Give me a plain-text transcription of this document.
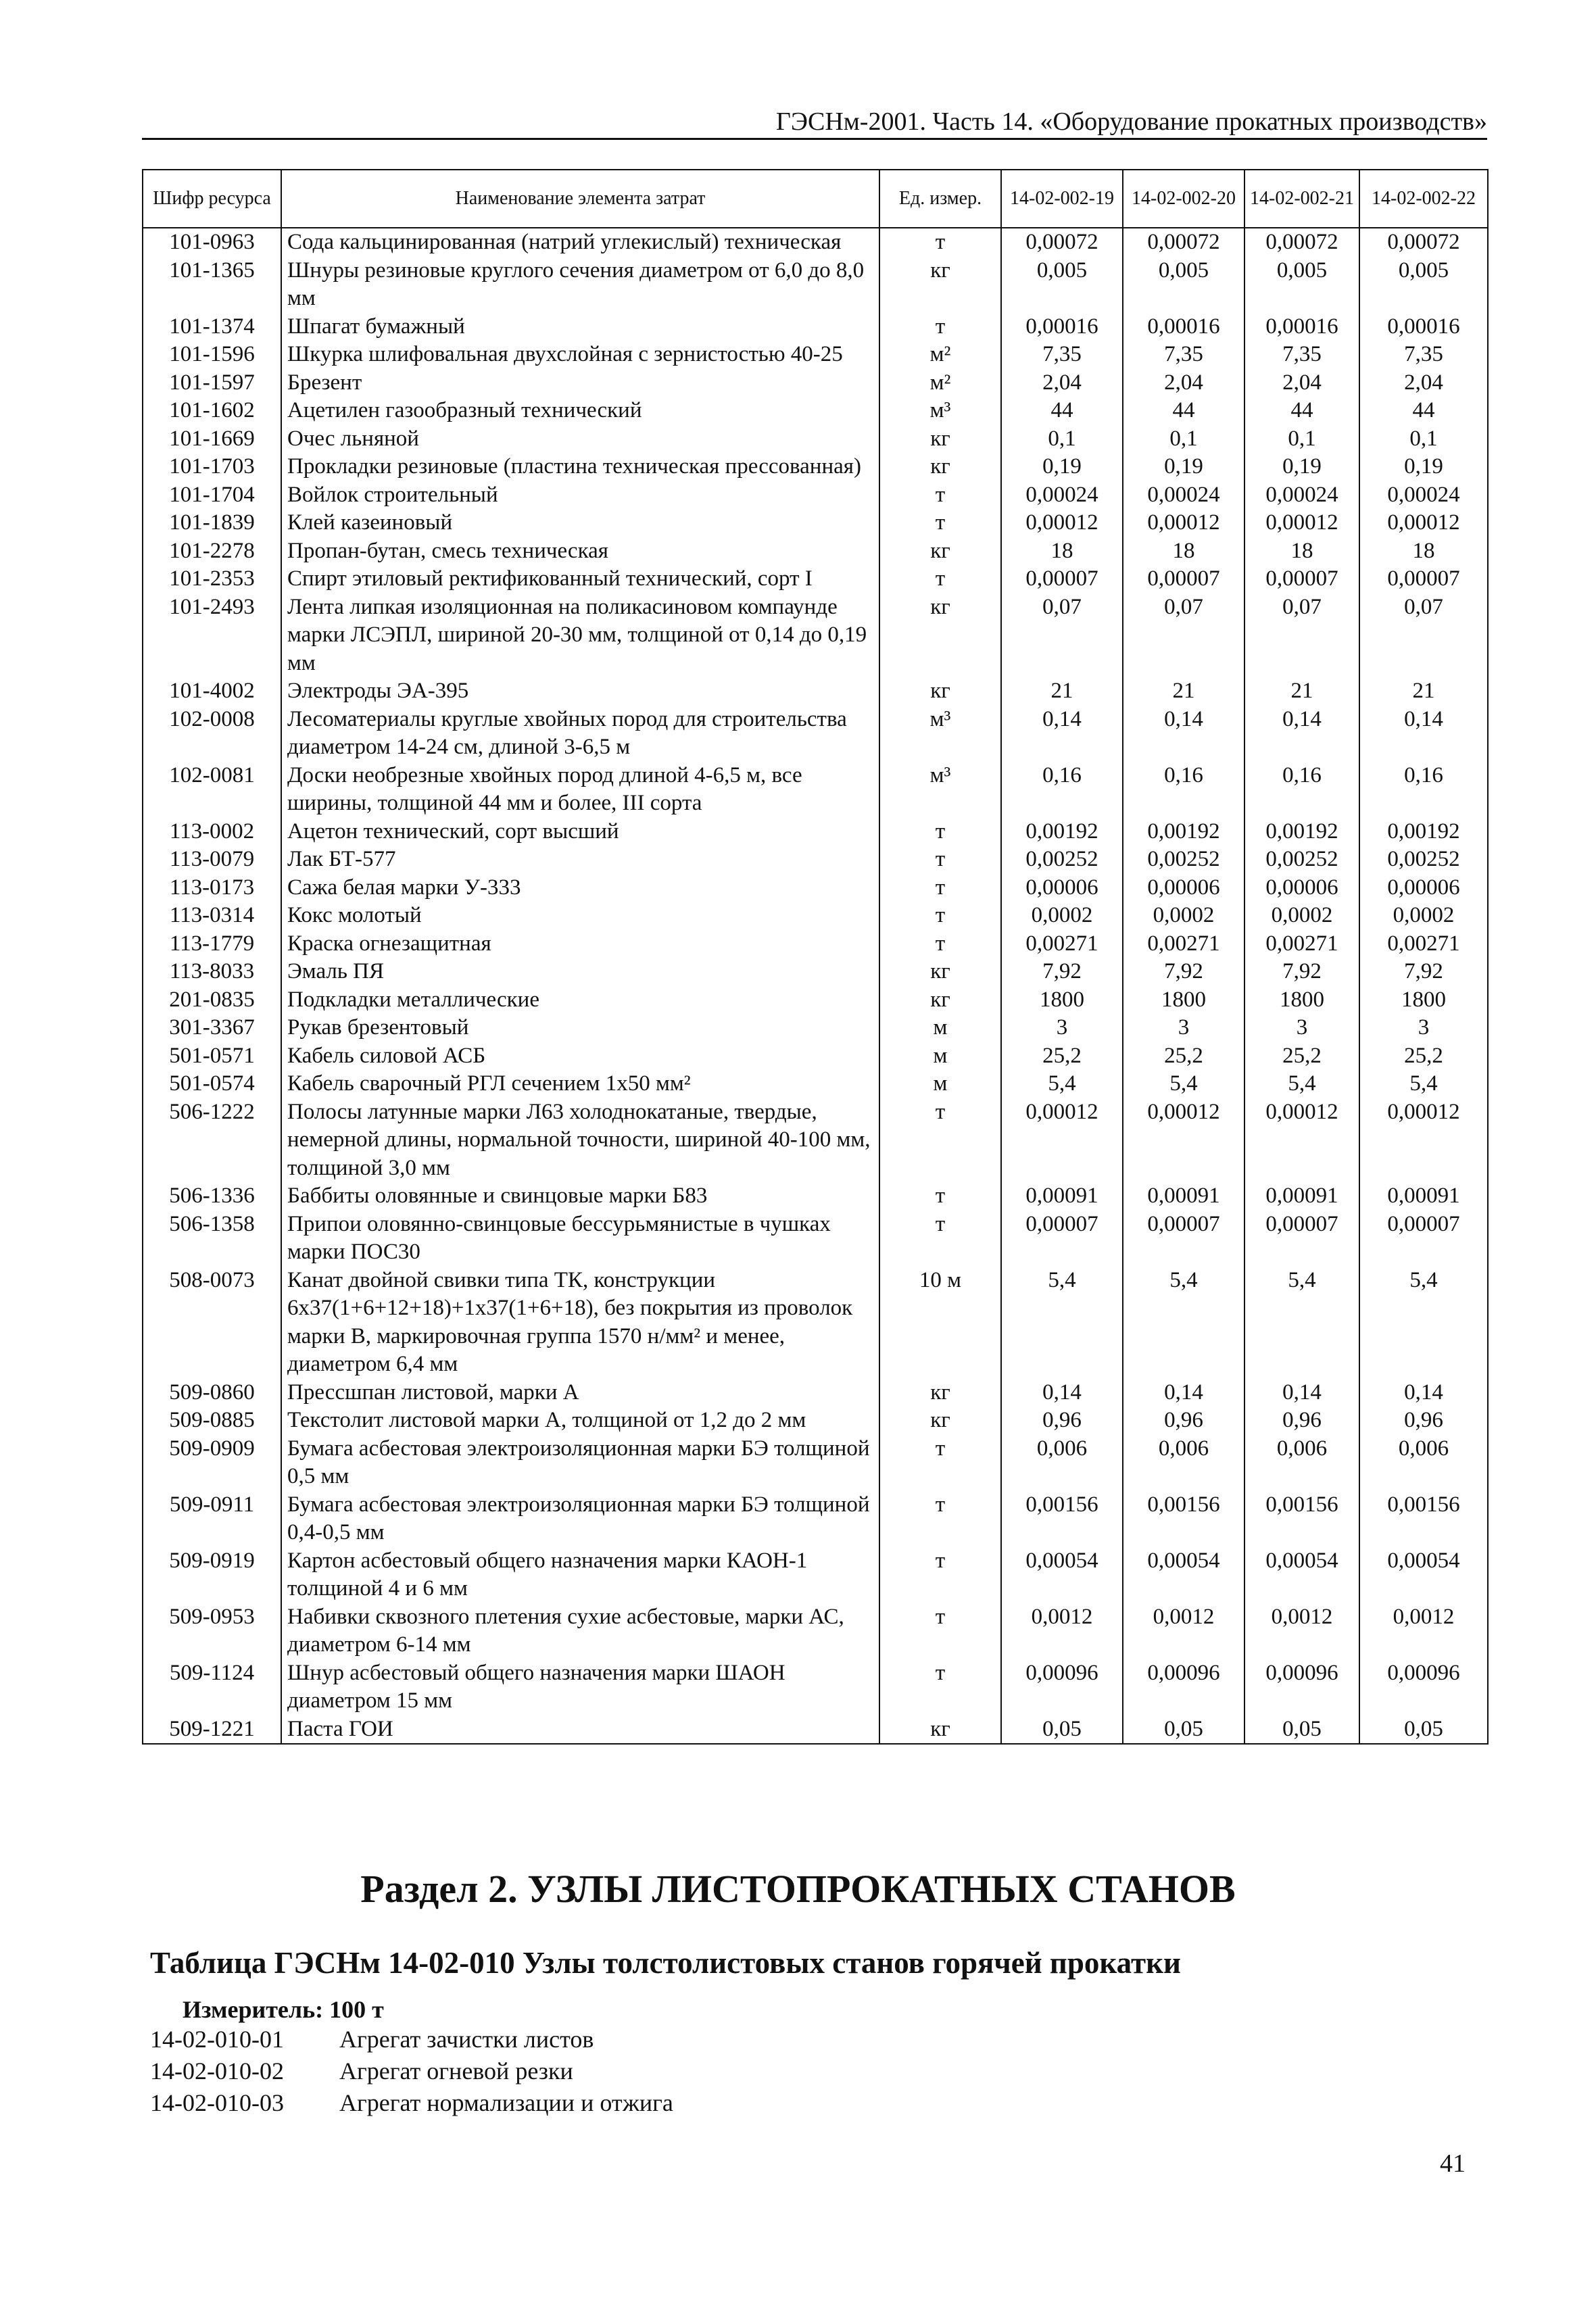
ГЭСНм-2001. Часть 14. «Оборудование прокатных производств»
Шифр ресурса	Наименование элемента затрат	Ед. измер.	14-02-002-19	14-02-002-20	14-02-002-21	14-02-002-22
101-0963	Сода кальцинированная (натрий углекислый) техническая	т	0,00072	0,00072	0,00072	0,00072
101-1365	Шнуры резиновые круглого сечения диаметром от 6,0 до 8,0 мм	кг	0,005	0,005	0,005	0,005
101-1374	Шпагат бумажный	т	0,00016	0,00016	0,00016	0,00016
101-1596	Шкурка шлифовальная двухслойная с зернистостью 40-25	м²	7,35	7,35	7,35	7,35
101-1597	Брезент	м²	2,04	2,04	2,04	2,04
101-1602	Ацетилен газообразный технический	м³	44	44	44	44
101-1669	Очес льняной	кг	0,1	0,1	0,1	0,1
101-1703	Прокладки резиновые (пластина техническая прессованная)	кг	0,19	0,19	0,19	0,19
101-1704	Войлок строительный	т	0,00024	0,00024	0,00024	0,00024
101-1839	Клей казеиновый	т	0,00012	0,00012	0,00012	0,00012
101-2278	Пропан-бутан, смесь техническая	кг	18	18	18	18
101-2353	Спирт этиловый ректификованный технический, сорт I	т	0,00007	0,00007	0,00007	0,00007
101-2493	Лента липкая изоляционная на поликасиновом компаунде марки ЛСЭПЛ, шириной 20-30 мм, толщиной от 0,14 до 0,19 мм	кг	0,07	0,07	0,07	0,07
101-4002	Электроды ЭА-395	кг	21	21	21	21
102-0008	Лесоматериалы круглые хвойных пород для строительства диаметром 14-24 см, длиной 3-6,5 м	м³	0,14	0,14	0,14	0,14
102-0081	Доски необрезные хвойных пород длиной 4-6,5 м, все ширины, толщиной 44 мм и более, III сорта	м³	0,16	0,16	0,16	0,16
113-0002	Ацетон технический, сорт высший	т	0,00192	0,00192	0,00192	0,00192
113-0079	Лак БТ-577	т	0,00252	0,00252	0,00252	0,00252
113-0173	Сажа белая марки У-333	т	0,00006	0,00006	0,00006	0,00006
113-0314	Кокс молотый	т	0,0002	0,0002	0,0002	0,0002
113-1779	Краска огнезащитная	т	0,00271	0,00271	0,00271	0,00271
113-8033	Эмаль ПЯ	кг	7,92	7,92	7,92	7,92
201-0835	Подкладки металлические	кг	1800	1800	1800	1800
301-3367	Рукав брезентовый	м	3	3	3	3
501-0571	Кабель силовой АСБ	м	25,2	25,2	25,2	25,2
501-0574	Кабель сварочный РГЛ сечением 1х50 мм²	м	5,4	5,4	5,4	5,4
506-1222	Полосы латунные марки Л63 холоднокатаные, твердые, немерной длины, нормальной точности, шириной 40-100 мм, толщиной 3,0 мм	т	0,00012	0,00012	0,00012	0,00012
506-1336	Баббиты оловянные и свинцовые марки Б83	т	0,00091	0,00091	0,00091	0,00091
506-1358	Припои оловянно-свинцовые бессурьмянистые в чушках марки ПОС30	т	0,00007	0,00007	0,00007	0,00007
508-0073	Канат двойной свивки типа ТК, конструкции 6х37(1+6+12+18)+1х37(1+6+18), без покрытия из проволок марки В, маркировочная группа 1570 н/мм² и менее, диаметром 6,4 мм	10 м	5,4	5,4	5,4	5,4
509-0860	Прессшпан листовой, марки А	кг	0,14	0,14	0,14	0,14
509-0885	Текстолит листовой марки А, толщиной от 1,2 до 2 мм	кг	0,96	0,96	0,96	0,96
509-0909	Бумага асбестовая электроизоляционная марки БЭ толщиной 0,5 мм	т	0,006	0,006	0,006	0,006
509-0911	Бумага асбестовая электроизоляционная марки БЭ толщиной 0,4-0,5 мм	т	0,00156	0,00156	0,00156	0,00156
509-0919	Картон асбестовый общего назначения марки КАОН-1 толщиной 4 и 6 мм	т	0,00054	0,00054	0,00054	0,00054
509-0953	Набивки сквозного плетения сухие асбестовые, марки АС, диаметром 6-14 мм	т	0,0012	0,0012	0,0012	0,0012
509-1124	Шнур асбестовый общего назначения марки ШАОН диаметром 15 мм	т	0,00096	0,00096	0,00096	0,00096
509-1221	Паста ГОИ	кг	0,05	0,05	0,05	0,05
Раздел 2. УЗЛЫ ЛИСТОПРОКАТНЫХ СТАНОВ
Таблица ГЭСНм 14-02-010 Узлы толстолистовых станов горячей прокатки
Измеритель: 100 т
14-02-010-01	Агрегат зачистки листов
14-02-010-02	Агрегат огневой резки
14-02-010-03	Агрегат нормализации и отжига
41
